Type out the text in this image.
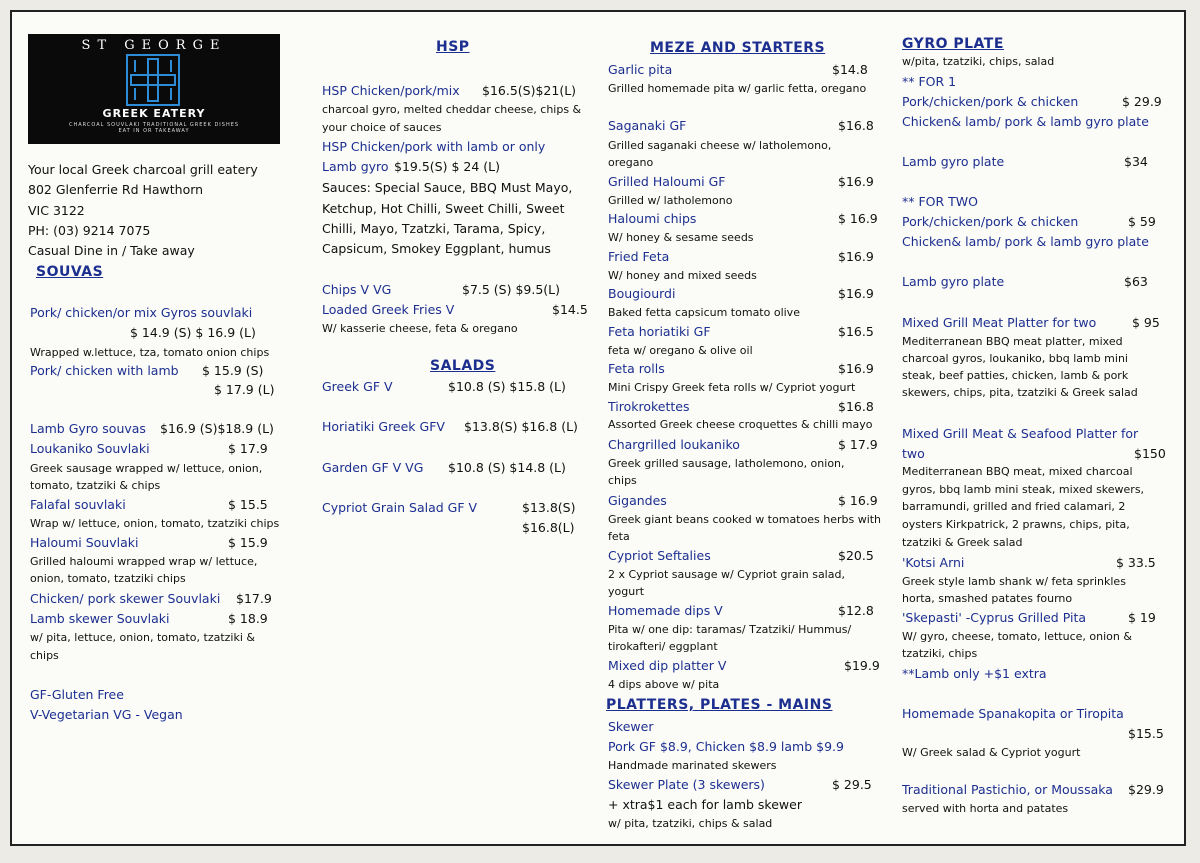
ST GEORGE
GREEK EATERY
CHARCOAL SOUVLAKI TRADITIONAL GREEK DISHES EAT IN OR TAKEAWAY
Your local Greek charcoal grill eatery
802 Glenferrie Rd Hawthorn
VIC 3122
PH: (03) 9214 7075
Casual Dine in / Take away
SOUVAS
Pork/ chicken/or mix Gyros souvlaki
$ 14.9 (S) $ 16.9 (L)
Wrapped w.lettuce, tza, tomato onion chips
Pork/ chicken with lamb $ 15.9 (S)
$ 17.9 (L)
Lamb Gyro souvas $16.9 (S)$18.9 (L)
Loukaniko Souvlaki	$ 17.9
Greek sausage wrapped w/ lettuce, onion,
tomato, tzatziki & chips
Falafal souvlaki	$ 15.5
Wrap w/ lettuce, onion, tomato, tzatziki chips
Haloumi Souvlaki	$ 15.9
Grilled haloumi wrapped wrap w/ lettuce,
onion, tomato, tzatziki chips
Chicken/ pork skewer Souvlaki $17.9
Lamb skewer Souvlaki	$ 18.9
w/ pita, lettuce, onion, tomato, tzatziki &
chips
GF-Gluten Free
V-Vegetarian VG - Vegan
HSP
HSP Chicken/pork/mix $16.5(S)$21(L)
charcoal gyro, melted cheddar cheese, chips &
your choice of sauces
HSP Chicken/pork with lamb or only
Lamb gyro $19.5(S) $ 24 (L)
Sauces: Special Sauce, BBQ Must Mayo,
Ketchup, Hot Chilli, Sweet Chilli, Sweet
Chilli, Mayo, Tzatzki, Tarama, Spicy,
Capsicum, Smokey Eggplant, humus
Chips V VG	$7.5 (S) $9.5(L)
Loaded Greek Fries V	$14.5
W/ kasserie cheese, feta & oregano
SALADS
Greek GF V	$10.8 (S) $15.8 (L)
Horiatiki Greek GFV $13.8(S) $16.8 (L)
Garden GF V VG $10.8 (S) $14.8 (L)
Cypriot Grain Salad GF V	$13.8(S)
$16.8(L)
MEZE AND STARTERS
Garlic pita	$14.8
Grilled homemade pita w/ garlic fetta, oregano
Saganaki GF	$16.8
Grilled saganaki cheese w/ latholemono,
oregano
Grilled Haloumi GF	$16.9
Grilled w/ latholemono
Haloumi chips	$ 16.9
W/ honey & sesame seeds
Fried Feta	$16.9
W/ honey and mixed seeds
Bougiourdi	$16.9
Baked fetta capsicum tomato olive
Feta horiatiki GF	$16.5
feta w/ oregano & olive oil
Feta rolls	$16.9
Mini Crispy Greek feta rolls w/ Cypriot yogurt
Tirokrokettes	$16.8
Assorted Greek cheese croquettes & chilli mayo
Chargrilled loukaniko	$ 17.9
Greek grilled sausage, latholemono, onion,
chips
Gigandes	$ 16.9
Greek giant beans cooked w tomatoes herbs with
feta
Cypriot Seftalies	$20.5
2 x Cypriot sausage w/ Cypriot grain salad,
yogurt
Homemade dips V	$12.8
Pita w/ one dip: taramas/ Tzatziki/ Hummus/
tirokafteri/ eggplant
Mixed dip platter V	$19.9
4 dips above w/ pita
PLATTERS, PLATES - MAINS
Skewer
Pork GF $8.9, Chicken $8.9 lamb $9.9
Handmade marinated skewers
Skewer Plate (3 skewers)	$ 29.5
+ xtra$1 each for lamb skewer
w/ pita, tzatziki, chips & salad
GYRO PLATE
w/pita, tzatziki, chips, salad
** FOR 1
Pork/chicken/pork & chicken	$ 29.9
Chicken& lamb/ pork & lamb gyro plate
Lamb gyro plate	$34
** FOR TWO
Pork/chicken/pork & chicken	$ 59
Chicken& lamb/ pork & lamb gyro plate
Lamb gyro plate	$63
Mixed Grill Meat Platter for two	$ 95
Mediterranean BBQ meat platter, mixed
charcoal gyros, loukaniko, bbq lamb mini
steak, beef patties, chicken, lamb & pork
skewers, chips, pita, tzatziki & Greek salad
Mixed Grill Meat & Seafood Platter for
two	$150
Mediterranean BBQ meat, mixed charcoal
gyros, bbq lamb mini steak, mixed skewers,
barramundi, grilled and fried calamari, 2
oysters Kirkpatrick, 2 prawns, chips, pita,
tzatziki & Greek salad
'Kotsi Arni	$ 33.5
Greek style lamb shank w/ feta sprinkles
horta, smashed patates fourno
'Skepasti' -Cyprus Grilled Pita	$ 19
W/ gyro, cheese, tomato, lettuce, onion &
tzatziki, chips
**Lamb only +$1 extra
Homemade Spanakopita or Tiropita
$15.5
W/ Greek salad & Cypriot yogurt
Traditional Pastichio, or Moussaka $29.9
served with horta and patates
